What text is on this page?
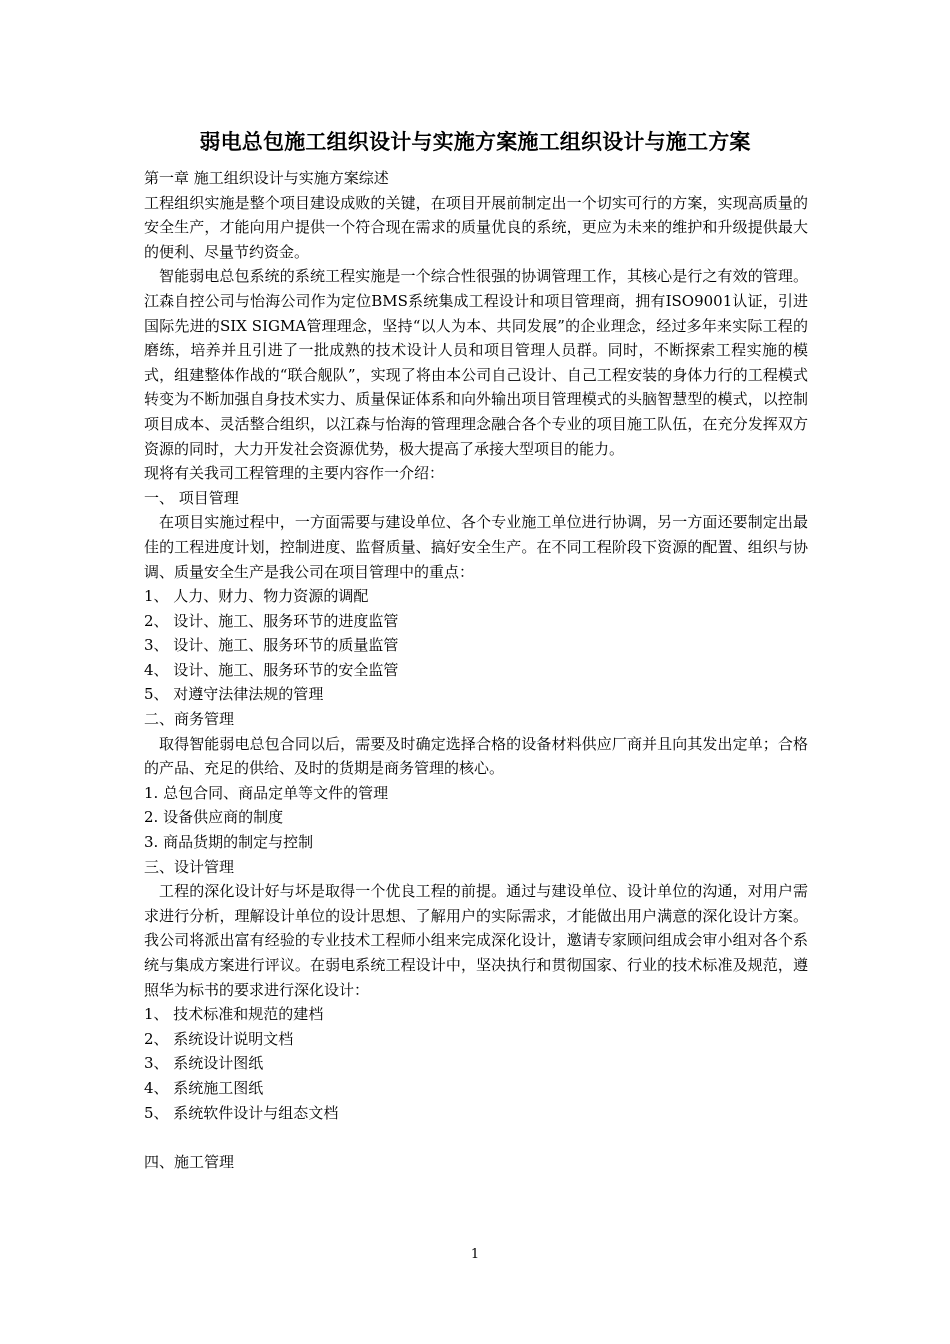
弱电总包施工组织设计与实施方案施工组织设计与施工方案

第一章 施工组织设计与实施方案综述

工程组织实施是整个项目建设成败的关键，在项目开展前制定出一个切实可行的方案，实现高质量的安全生产，才能向用户提供一个符合现在需求的质量优良的系统，更应为未来的维护和升级提供最大的便利、尽量节约资金。

智能弱电总包系统的系统工程实施是一个综合性很强的协调管理工作，其核心是行之有效的管理。江森自控公司与怡海公司作为定位BMS系统集成工程设计和项目管理商，拥有ISO9001认证，引进国际先进的SIX SIGMA管理理念，坚持“以人为本、共同发展”的企业理念，经过多年来实际工程的磨练，培养并且引进了一批成熟的技术设计人员和项目管理人员群。同时，不断探索工程实施的模式，组建整体作战的“联合舰队”，实现了将由本公司自己设计、自己工程安装的身体力行的工程模式转变为不断加强自身技术实力、质量保证体系和向外输出项目管理模式的头脑智慧型的模式，以控制项目成本、灵活整合组织，以江森与怡海的管理理念融合各个专业的项目施工队伍，在充分发挥双方资源的同时，大力开发社会资源优势，极大提高了承接大型项目的能力。

现将有关我司工程管理的主要内容作一介绍：

一、 项目管理

在项目实施过程中，一方面需要与建设单位、各个专业施工单位进行协调，另一方面还要制定出最佳的工程进度计划，控制进度、监督质量、搞好安全生产。在不同工程阶段下资源的配置、组织与协调、质量安全生产是我公司在项目管理中的重点：

1、 人力、财力、物力资源的调配

2、 设计、施工、服务环节的进度监管

3、 设计、施工、服务环节的质量监管

4、 设计、施工、服务环节的安全监管

5、 对遵守法律法规的管理

二、商务管理

取得智能弱电总包合同以后，需要及时确定选择合格的设备材料供应厂商并且向其发出定单；合格的产品、充足的供给、及时的货期是商务管理的核心。

1. 总包合同、商品定单等文件的管理

2. 设备供应商的制度

3. 商品货期的制定与控制

三、设计管理

工程的深化设计好与坏是取得一个优良工程的前提。通过与建设单位、设计单位的沟通，对用户需求进行分析，理解设计单位的设计思想、了解用户的实际需求，才能做出用户满意的深化设计方案。我公司将派出富有经验的专业技术工程师小组来完成深化设计，邀请专家顾问组成会审小组对各个系统与集成方案进行评议。在弱电系统工程设计中，坚决执行和贯彻国家、行业的技术标准及规范，遵照华为标书的要求进行深化设计：

1、 技术标准和规范的建档

2、 系统设计说明文档

3、 系统设计图纸

4、 系统施工图纸

5、 系统软件设计与组态文档

四、施工管理

1
